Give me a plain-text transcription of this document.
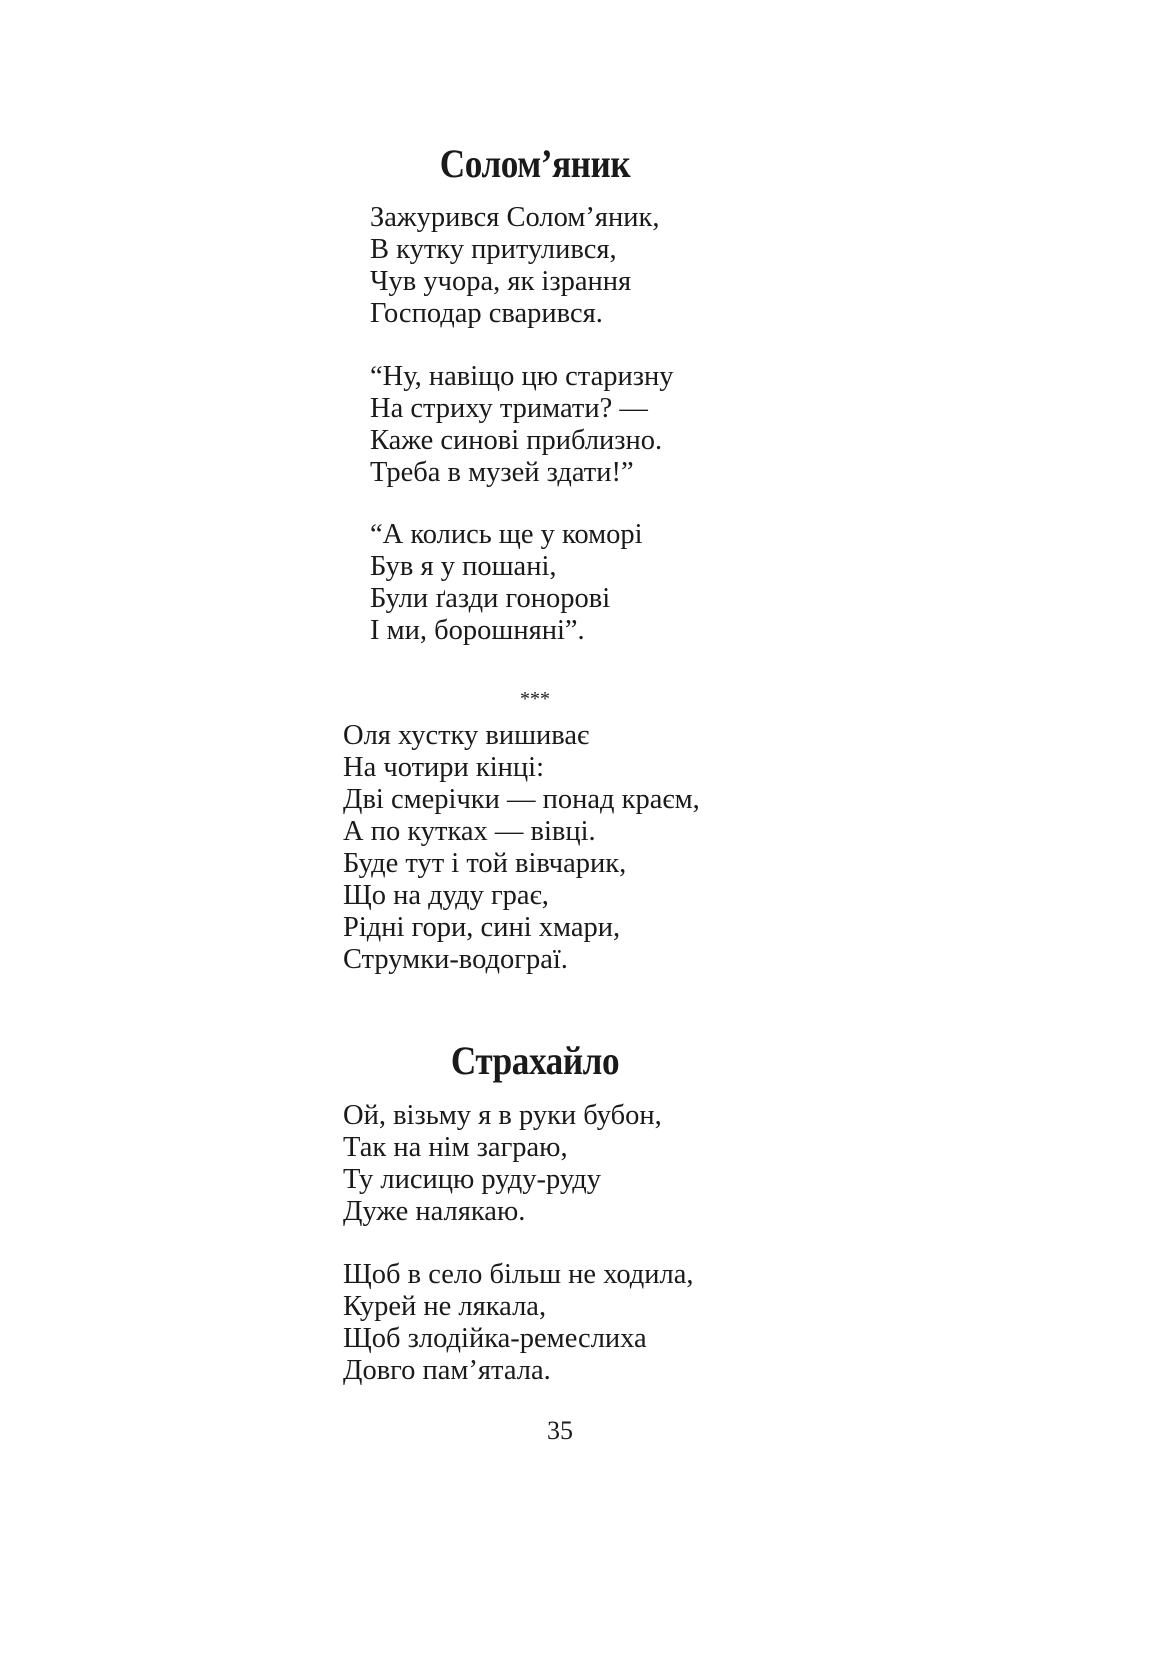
Солом’яник
Зажурився Солом’яник,
В кутку притулився,
Чув учора, як ізрання
Господар сварився.
“Ну, навіщо цю старизну
На стриху тримати? —
Каже синові приблизно.
Треба в музей здати!”
“А колись ще у коморі
Був я у пошані,
Були ґазди гонорові
І ми, борошняні”.
***
Оля хустку вишиває
На чотири кінці:
Дві смерічки — понад краєм,
А по кутках — вівці.
Буде тут і той вівчарик,
Що на дуду грає,
Рідні гори, сині хмари,
Струмки-водограї.
Страхайло
Ой, візьму я в руки бубон,
Так на нім заграю,
Ту лисицю руду-руду
Дуже налякаю.
Щоб в село більш не ходила,
Курей не лякала,
Щоб злодійка-ремеслиха
Довго пам’ятала.
35
